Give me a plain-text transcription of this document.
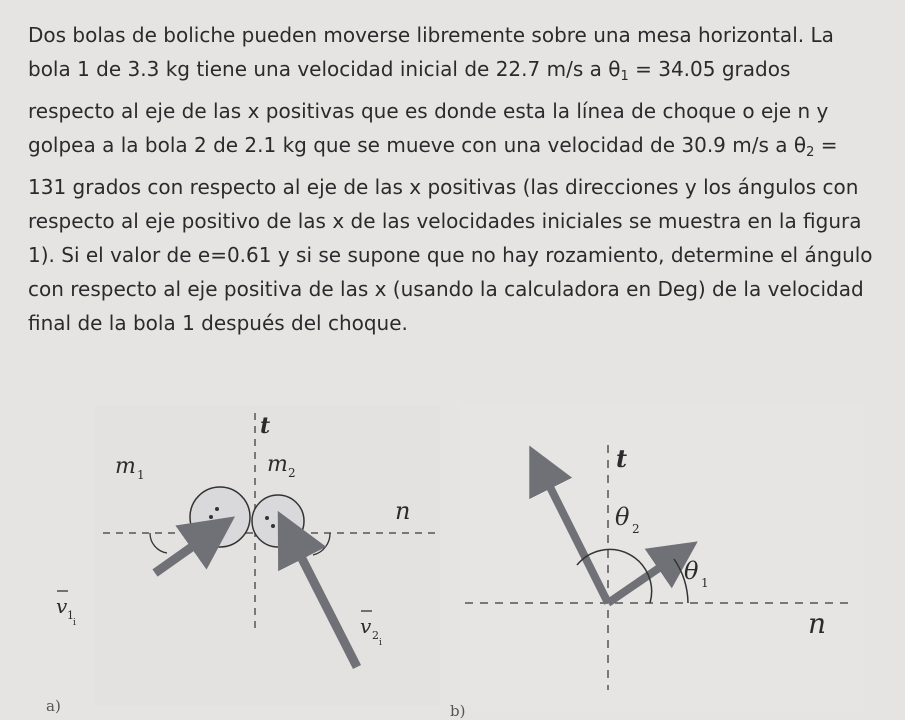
Dos bolas de boliche pueden moverse libremente sobre una mesa horizontal. La bola 1 de 3.3 kg tiene una velocidad inicial de 22.7 m/s a $\theta_1 = 34.05$ grados respecto al eje de las x positivas que es donde esta la línea de choque o eje n y golpea a la bola 2 de 2.1 kg que se mueve con una velocidad de 30.9 m/s a $\theta_2 = 131$ grados con respecto al eje de las x positivas (las direcciones y los ángulos con respecto al eje positivo de las x de las velocidades iniciales se muestra en la figura 1). Si el valor de e=0.61 y si se supone que no hay rozamiento, determine el ángulo con respecto al eje positiva de las x (usando la calculadora en Deg) de la velocidad final de la bola 1 después del choque.

t
m 1	m 2
n
v 1
i	v 2
i
a)
t
θ 2
θ 1
n
b)
